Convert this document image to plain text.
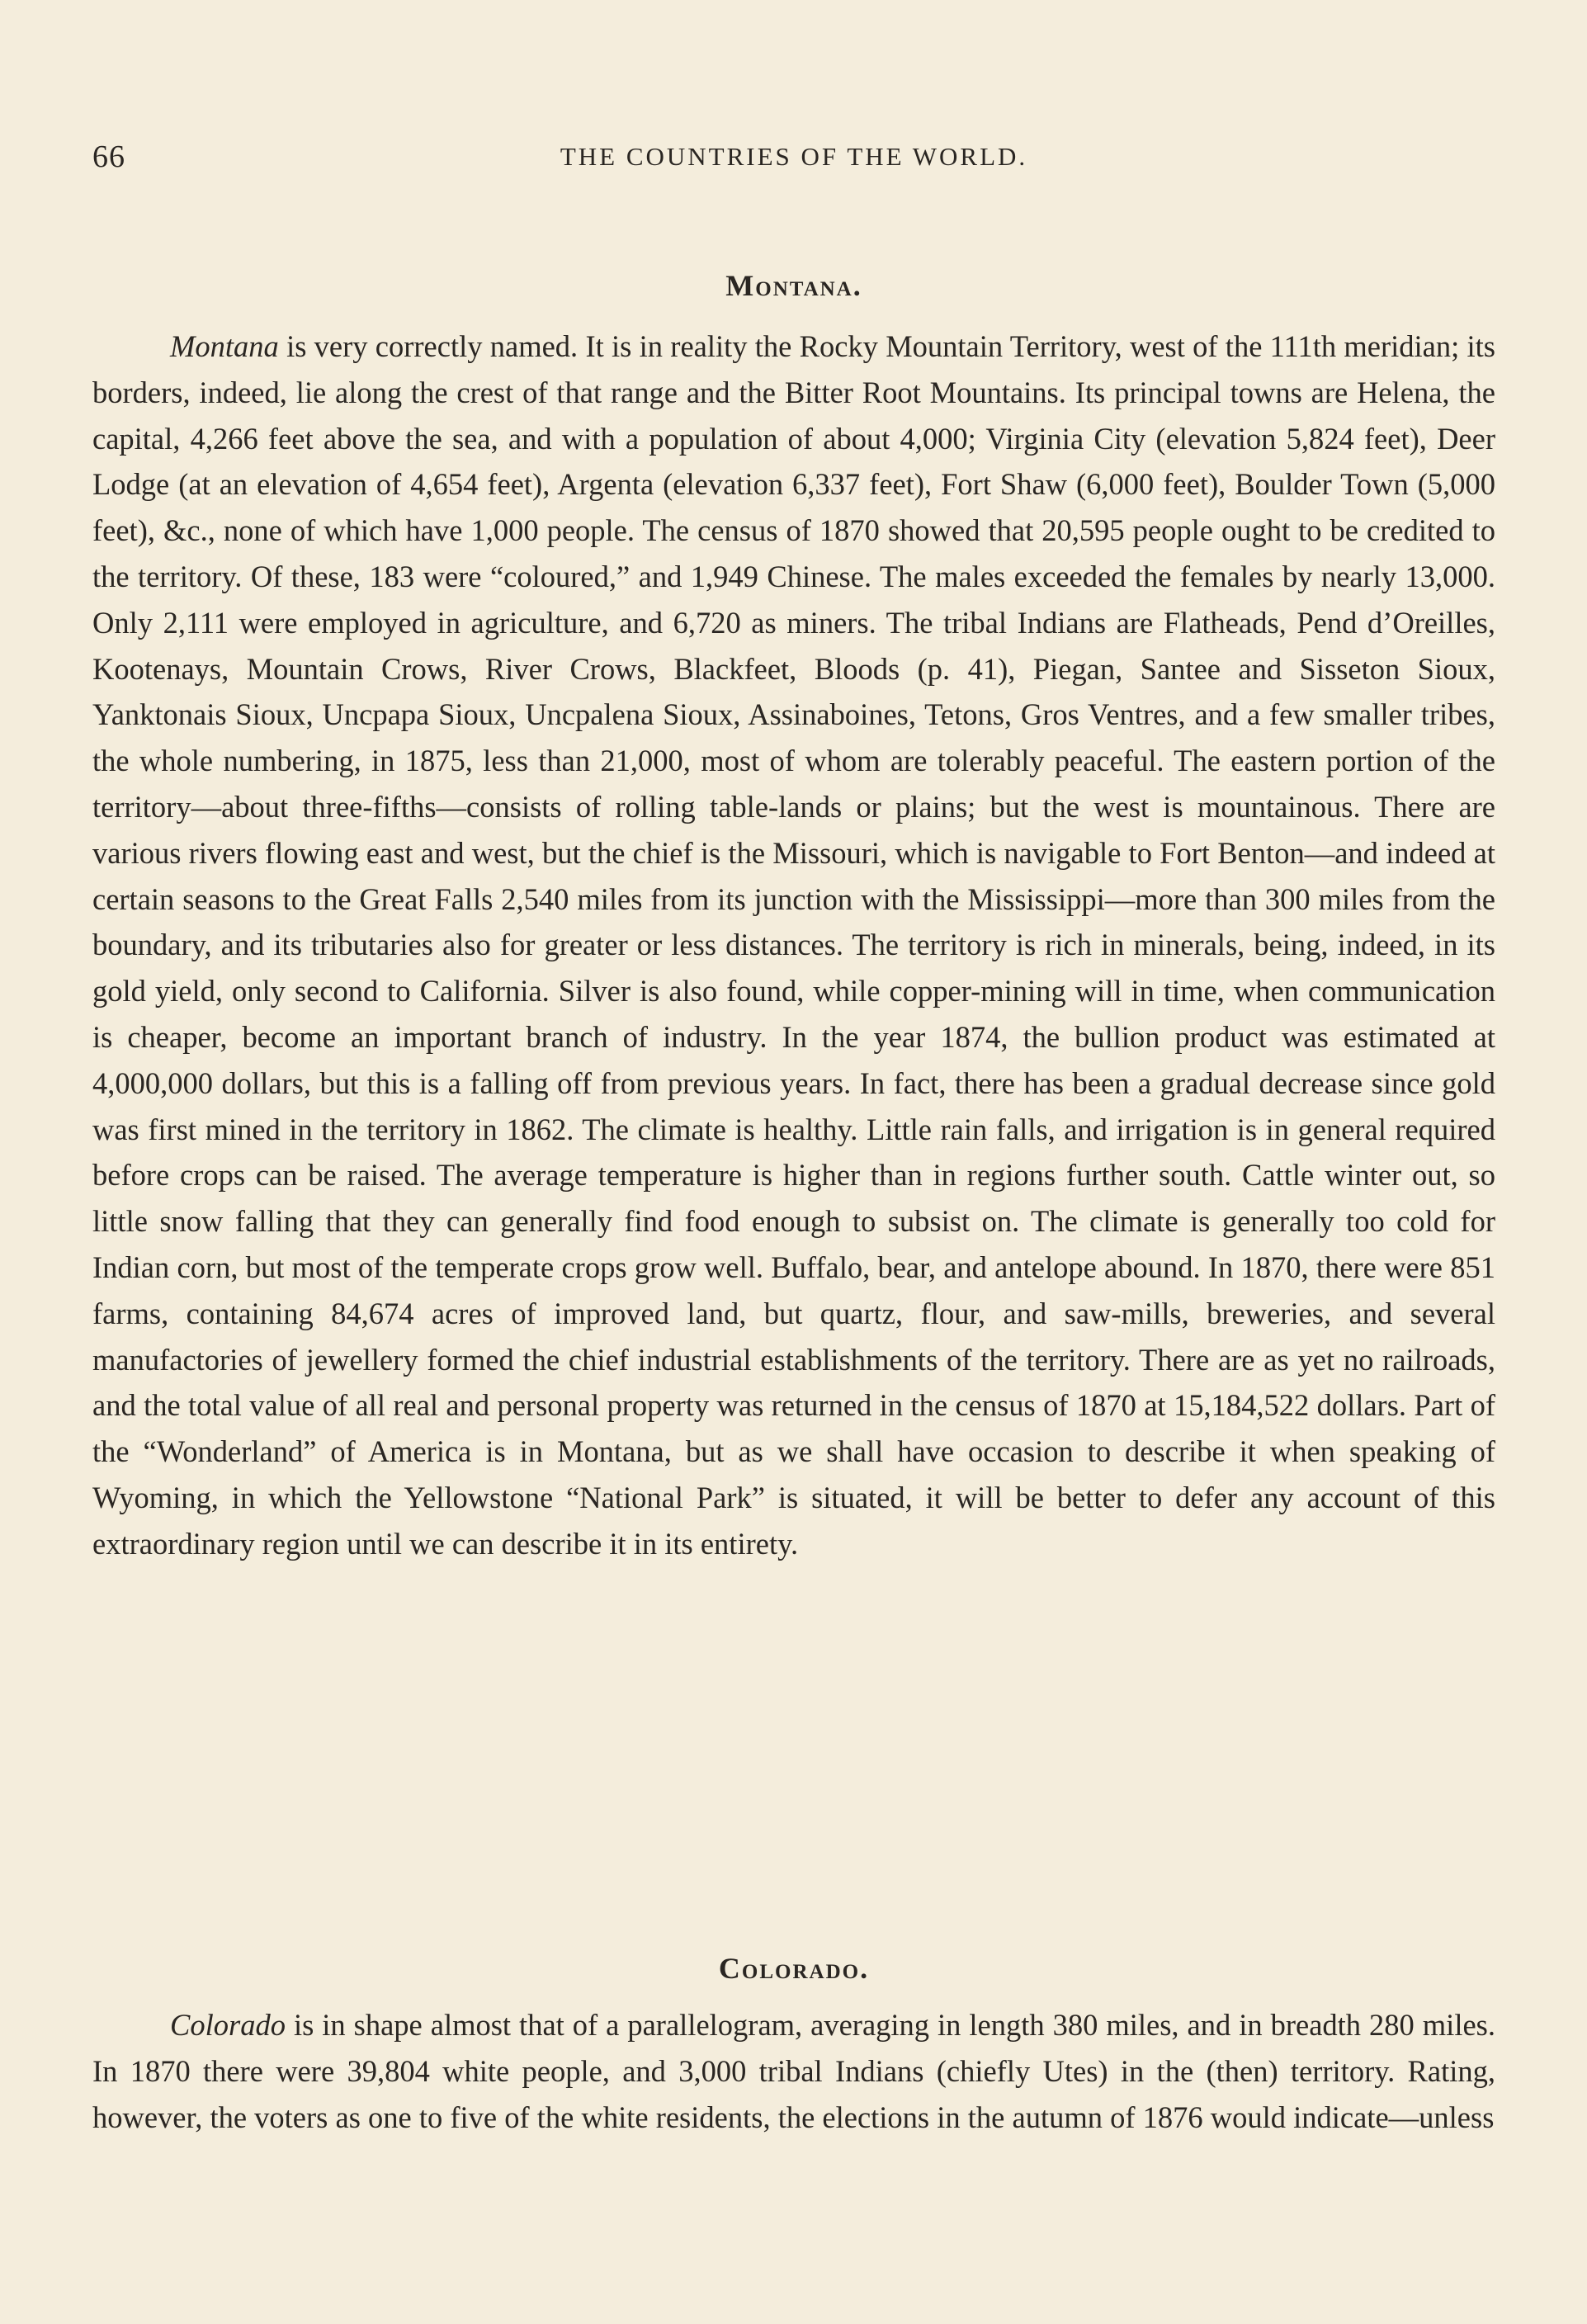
66	THE COUNTRIES OF THE WORLD.
Montana.

Montana is very correctly named. It is in reality the Rocky Mountain Territory, west of the 111th meridian; its borders, indeed, lie along the crest of that range and the Bitter Root Mountains. Its principal towns are Helena, the capital, 4,266 feet above the sea, and with a population of about 4,000; Virginia City (elevation 5,824 feet), Deer Lodge (at an elevation of 4,654 feet), Argenta (elevation 6,337 feet), Fort Shaw (6,000 feet), Boulder Town (5,000 feet), &c., none of which have 1,000 people. The census of 1870 showed that 20,595 people ought to be credited to the territory. Of these, 183 were “coloured,” and 1,949 Chinese. The males exceeded the females by nearly 13,000. Only 2,111 were employed in agriculture, and 6,720 as miners. The tribal Indians are Flatheads, Pend d’Oreilles, Kootenays, Mountain Crows, River Crows, Blackfeet, Bloods (p. 41), Piegan, Santee and Sisseton Sioux, Yanktonais Sioux, Uncpapa Sioux, Uncpalena Sioux, Assinaboines, Tetons, Gros Ventres, and a few smaller tribes, the whole numbering, in 1875, less than 21,000, most of whom are tolerably peaceful. The eastern portion of the territory—about three-fifths—consists of rolling table-lands or plains; but the west is mountainous. There are various rivers flowing east and west, but the chief is the Missouri, which is navigable to Fort Benton—and indeed at certain seasons to the Great Falls 2,540 miles from its junction with the Mississippi—more than 300 miles from the boundary, and its tributaries also for greater or less distances. The territory is rich in minerals, being, indeed, in its gold yield, only second to California. Silver is also found, while copper-mining will in time, when communication is cheaper, become an important branch of industry. In the year 1874, the bullion product was estimated at 4,000,000 dollars, but this is a falling off from previous years. In fact, there has been a gradual decrease since gold was first mined in the territory in 1862. The climate is healthy. Little rain falls, and irrigation is in general required before crops can be raised. The average temperature is higher than in regions further south. Cattle winter out, so little snow falling that they can generally find food enough to subsist on. The climate is generally too cold for Indian corn, but most of the temperate crops grow well. Buffalo, bear, and antelope abound. In 1870, there were 851 farms, containing 84,674 acres of improved land, but quartz, flour, and saw-mills, breweries, and several manufactories of jewellery formed the chief industrial establishments of the territory. There are as yet no railroads, and the total value of all real and personal property was returned in the census of 1870 at 15,184,522 dollars. Part of the “Wonderland” of America is in Montana, but as we shall have occasion to describe it when speaking of Wyoming, in which the Yellowstone “National Park” is situated, it will be better to defer any account of this extraordinary region until we can describe it in its entirety.

Colorado.

Colorado is in shape almost that of a parallelogram, averaging in length 380 miles, and in breadth 280 miles. In 1870 there were 39,804 white people, and 3,000 tribal Indians (chiefly Utes) in the (then) territory. Rating, however, the voters as one to five of the white residents, the elections in the autumn of 1876 would indicate—unless
